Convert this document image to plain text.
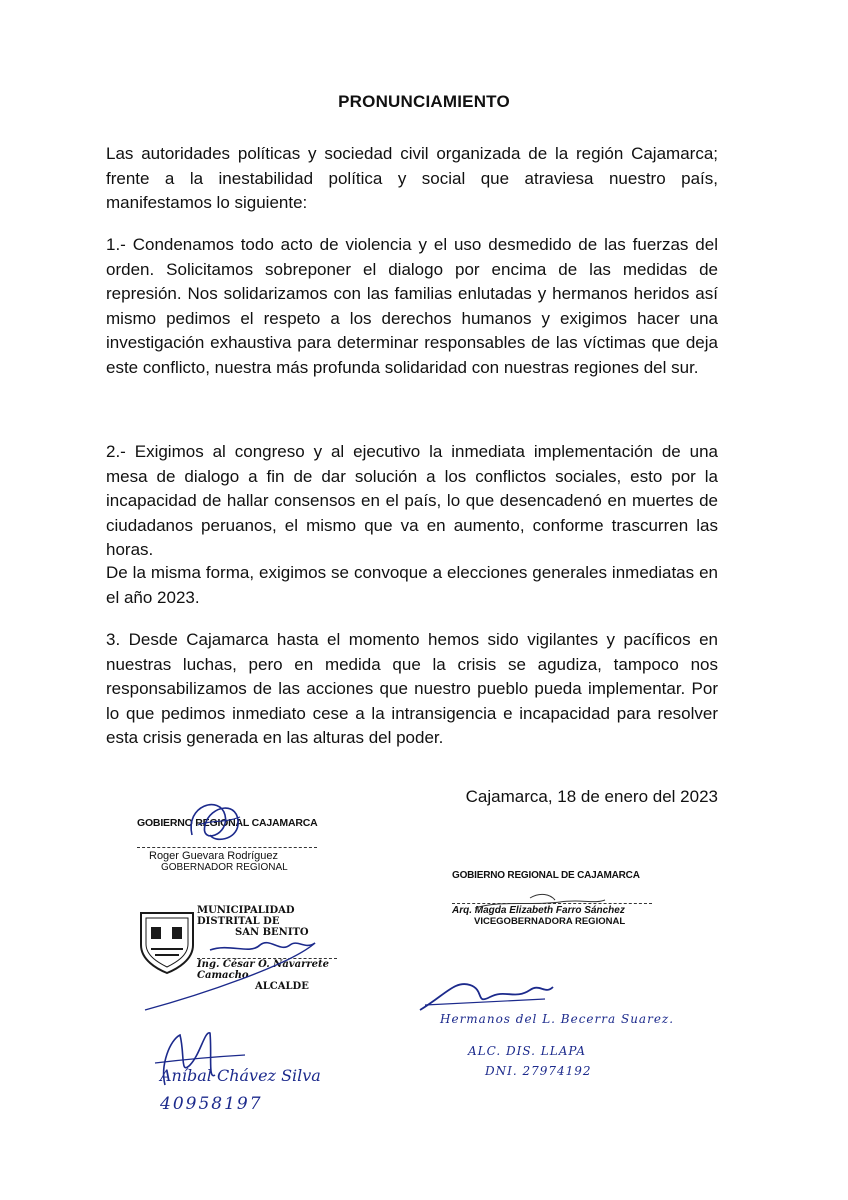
PRONUNCIAMIENTO
Las autoridades políticas y sociedad civil organizada de la región Cajamarca; frente a la inestabilidad política y social que atraviesa nuestro país, manifestamos lo siguiente:
1.- Condenamos todo acto de violencia y el uso desmedido de las fuerzas del orden. Solicitamos sobreponer el dialogo por encima de las medidas de represión. Nos solidarizamos con las familias enlutadas y hermanos heridos así mismo pedimos el respeto a los derechos humanos y exigimos hacer una investigación exhaustiva para determinar responsables de las víctimas que deja este conflicto, nuestra más profunda solidaridad con nuestras regiones del sur.
2.- Exigimos al congreso y al ejecutivo la inmediata implementación de una mesa de dialogo a fin de dar solución a los conflictos sociales, esto por la incapacidad de hallar consensos en el país, lo que desencadenó en muertes de ciudadanos peruanos, el mismo que va en aumento, conforme trascurren las horas.
De la misma forma, exigimos se convoque a elecciones generales inmediatas en el año 2023.
3. Desde Cajamarca hasta el momento hemos sido vigilantes y pacíficos en nuestras luchas, pero en medida que la crisis se agudiza, tampoco nos responsabilizamos de las acciones que nuestro pueblo pueda implementar. Por lo que pedimos inmediato cese a la intransigencia e incapacidad para resolver esta crisis generada en las alturas del poder.
Cajamarca, 18 de enero del 2023
GOBIERNO REGIONAL CAJAMARCA
Roger Guevara Rodríguez
GOBERNADOR REGIONAL
GOBIERNO REGIONAL DE CAJAMARCA
Arq. Magda Elizabeth Farro Sánchez
VICEGOBERNADORA REGIONAL
MUNICIPALIDAD DISTRITAL DE
SAN BENITO
Ing. César O. Navarrete Camacho
ALCALDE
Hermanos del L. Becerra Suarez.
ALC. DIS. LLAPA
DNI. 27974192
Aníbal Chávez Silva
40958197
